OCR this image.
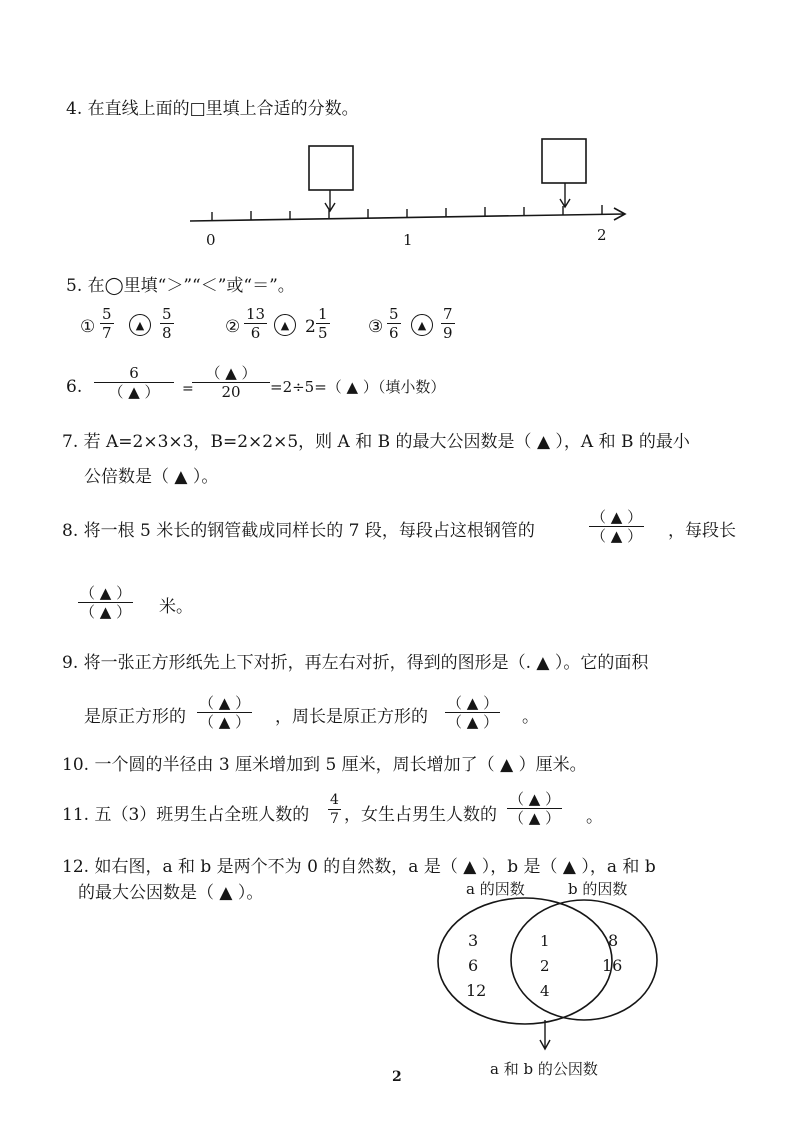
4. 在直线上面的□里填上合适的分数。
0	1	2
5. 在◯里填“＞”“＜”或“＝”。
①
5
7	▲
5
8	②
13
6	▲ 2
1
5 ③
5
6	▲
7
9
6.
6
（ ▲ ） =
（ ▲ ）
20 =2÷5=（ ▲ ）（填小数）
7. 若 A=2×3×3，B=2×2×5，则 A 和 B 的最大公因数是（ ▲ ），A 和 B 的最小
公倍数是（ ▲ ）。
8. 将一根 5 米长的钢管截成同样长的 7 段，每段占这根钢管的
（ ▲ ）
（ ▲ ） ，每段长
（ ▲ ）
（ ▲ ） 米。
9. 将一张正方形纸先上下对折，再左右对折，得到的图形是（. ▲ ）。它的面积
是原正方形的
（ ▲ ）
（ ▲ ） ，周长是原正方形的
（ ▲ ）
（ ▲ ） 。
10. 一个圆的半径由 3 厘米增加到 5 厘米，周长增加了（ ▲ ）厘米。
11. 五（3）班男生占全班人数的
4
7 ，女生占男生人数的
（ ▲ ）
（ ▲ ） 。
12. 如右图，a 和 b 是两个不为 0 的自然数，a 是（ ▲ ），b 是（ ▲ ），a 和 b
的最大公因数是（ ▲ ）。	a 的因数	b 的因数
3
6
12
1
2
4
8
16
a 和 b 的公因数
2
